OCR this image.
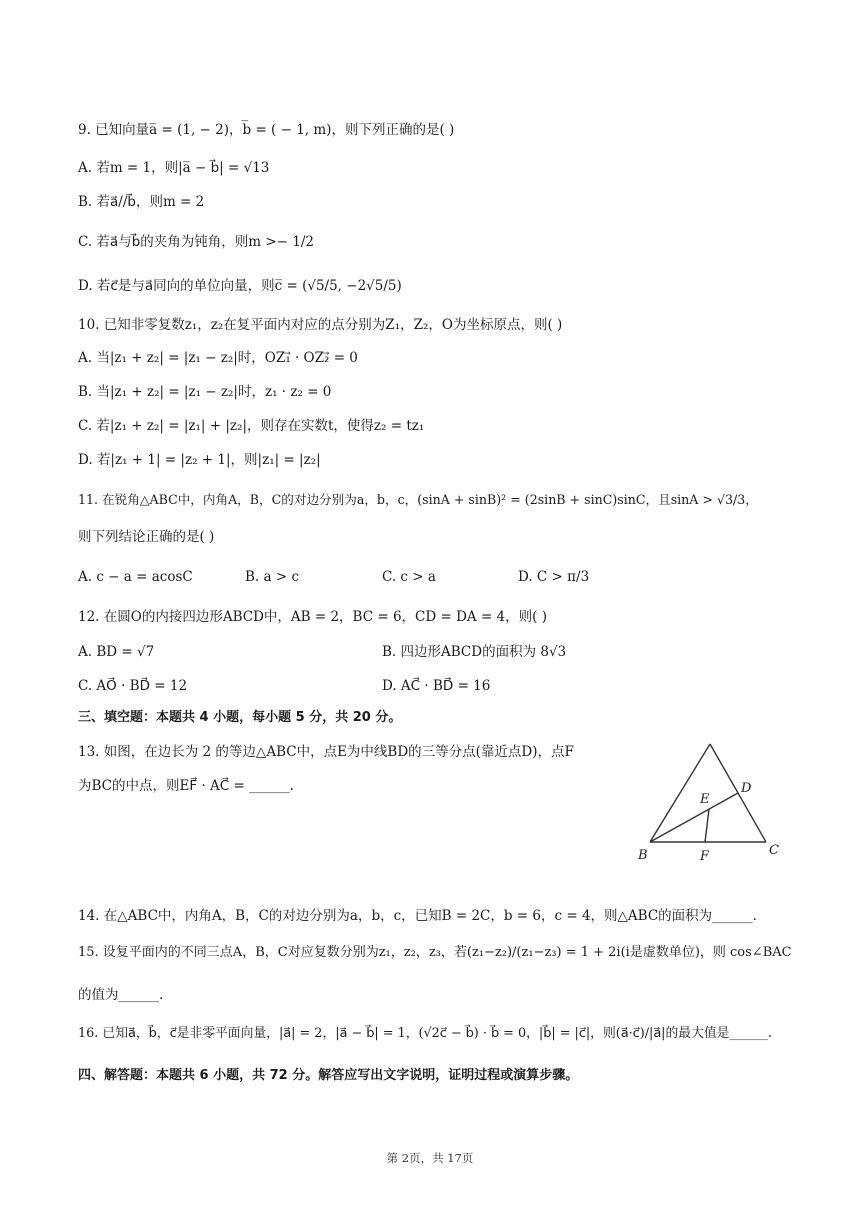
9. 已知向量a̅ = (1, − 2)，b̅ = ( − 1, m)，则下列正确的是( )
A. 若m = 1，则|a̅ − b⃗| = √13
B. 若a⃗//b⃗，则m = 2
C. 若a⃗与b⃗的夹角为钝角，则m >− 1/2
D. 若c⃗是与a⃗同向的单位向量，则c̅ = (√5/5, −2√5/5)
10. 已知非零复数z₁，z₂在复平面内对应的点分别为Z₁，Z₂，O为坐标原点，则( )
A. 当|z₁ + z₂| = |z₁ − z₂|时，OZ₁⃗ · OZ₂⃗ = 0
B. 当|z₁ + z₂| = |z₁ − z₂|时，z₁ · z₂ = 0
C. 若|z₁ + z₂| = |z₁| + |z₂|，则存在实数t，使得z₂ = tz₁
D. 若|z₁ + 1| = |z₂ + 1|，则|z₁| = |z₂|
11. 在锐角△ABC中，内角A，B，C的对边分别为a，b，c，(sinA + sinB)² = (2sinB + sinC)sinC，且sinA > √3/3，
则下列结论正确的是( )
A. c − a = acosC	B. a > c	C. c > a	D. C > π/3
12. 在圆O的内接四边形ABCD中，AB = 2，BC = 6，CD = DA = 4，则( )
A. BD = √7	B. 四边形ABCD的面积为 8√3
C. AO⃗ · BD⃗ = 12	D. AC⃗ · BD⃗ = 16
三、填空题：本题共 4 小题，每小题 5 分，共 20 分。
13. 如图，在边长为 2 的等边△ABC中，点E为中线BD的三等分点(靠近点D)，点F
为BC的中点，则EF⃗ · AC⃗ = ______.
B	C
D
E
F
14. 在△ABC中，内角A，B，C的对边分别为a，b，c，已知B = 2C，b = 6，c = 4，则△ABC的面积为______.
15. 设复平面内的不同三点A，B，C对应复数分别为z₁，z₂，z₃，若(z₁−z₂)/(z₁−z₃) = 1 + 2i(i是虚数单位)，则 cos∠BAC
的值为______.
16. 已知a⃗，b⃗，c⃗是非零平面向量，|a⃗| = 2，|a⃗ − b⃗| = 1，(√2c⃗ − b⃗) · b⃗ = 0，|b⃗| = |c⃗|，则(a⃗·c⃗)/|a⃗|的最大值是______.
四、解答题：本题共 6 小题，共 72 分。解答应写出文字说明，证明过程或演算步骤。
第 2页，共 17页
